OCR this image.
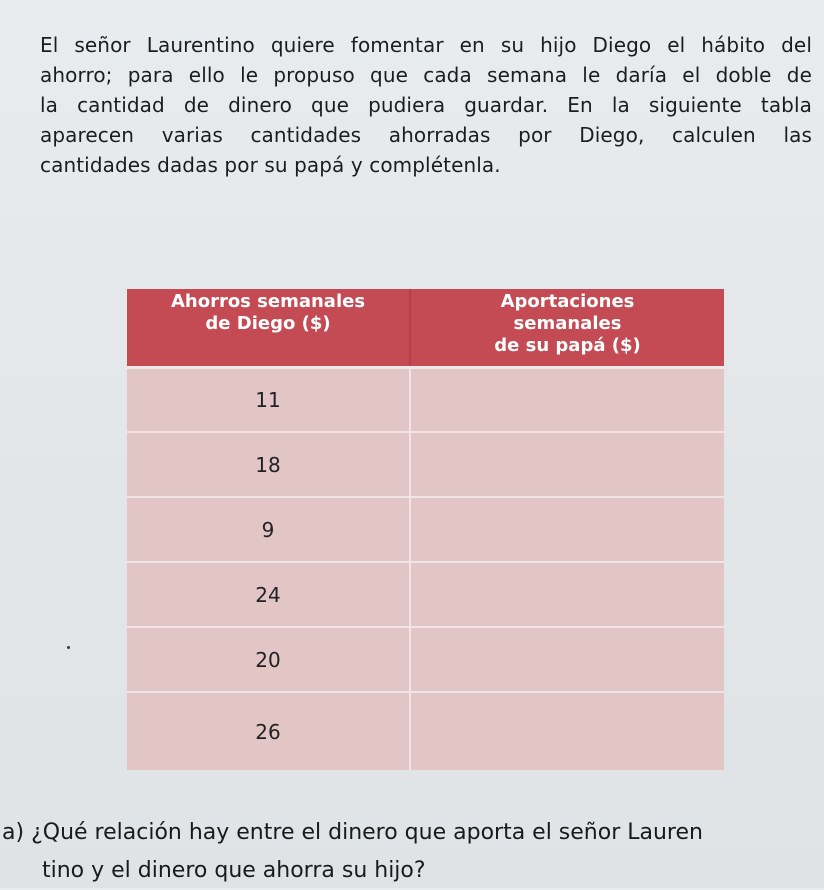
El señor Laurentino quiere fomentar en su hijo Diego el hábito del
ahorro; para ello le propuso que cada semana le daría el doble de
la cantidad de dinero que pudiera guardar. En la siguiente tabla
aparecen varias cantidades ahorradas por Diego, calculen las
cantidades dadas por su papá y complétenla.

Ahorros semanales
de Diego ($)	Aportaciones
semanales
de su papá ($)
11	
18	
9	
24	
20	
26	
a) ¿Qué relación hay entre el dinero que aporta el señor Lauren
tino y el dinero que ahorra su hijo?
